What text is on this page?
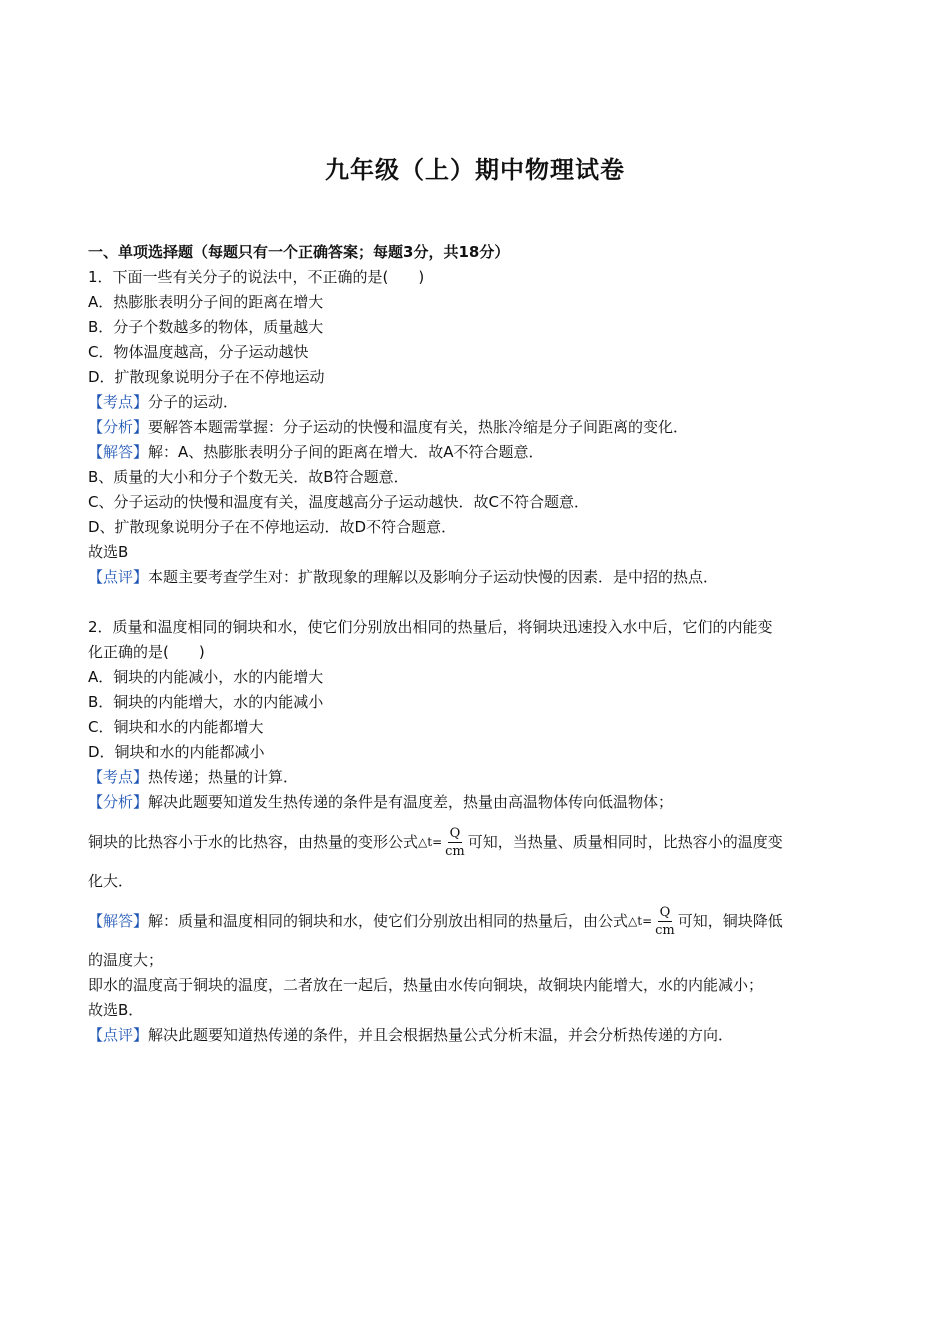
九年级（上）期中物理试卷
一、单项选择题（每题只有一个正确答案；每题3分，共18分）
1．下面一些有关分子的说法中，不正确的是(　　)
A．热膨胀表明分子间的距离在增大
B．分子个数越多的物体，质量越大
C．物体温度越高，分子运动越快
D．扩散现象说明分子在不停地运动
【考点】分子的运动．
【分析】要解答本题需掌握：分子运动的快慢和温度有关，热胀冷缩是分子间距离的变化．
【解答】解：A、热膨胀表明分子间的距离在增大．故A不符合题意．
B、质量的大小和分子个数无关．故B符合题意．
C、分子运动的快慢和温度有关，温度越高分子运动越快．故C不符合题意．
D、扩散现象说明分子在不停地运动．故D不符合题意．
故选B
【点评】本题主要考查学生对：扩散现象的理解以及影响分子运动快慢的因素．是中招的热点．
2．质量和温度相同的铜块和水，使它们分别放出相同的热量后，将铜块迅速投入水中后，它们的内能变
化正确的是(　　)
A．铜块的内能减小，水的内能增大
B．铜块的内能增大，水的内能减小
C．铜块和水的内能都增大
D．铜块和水的内能都减小
【考点】热传递；热量的计算．
【分析】解决此题要知道发生热传递的条件是有温度差，热量由高温物体传向低温物体；
铜块的比热容小于水的比热容，由热量的变形公式 △t= $\frac{Q}{cm}$ 可知，当热量、质量相同时，比热容小的温度变
化大．
【解答】 解：质量和温度相同的铜块和水，使它们分别放出相同的热量后，由公式 △t= $\frac{Q}{cm}$ 可知，铜块降低
的温度大；
即水的温度高于铜块的温度，二者放在一起后，热量由水传向铜块，故铜块内能增大，水的内能减小；
故选B．
【点评】解决此题要知道热传递的条件，并且会根据热量公式分析末温，并会分析热传递的方向．
